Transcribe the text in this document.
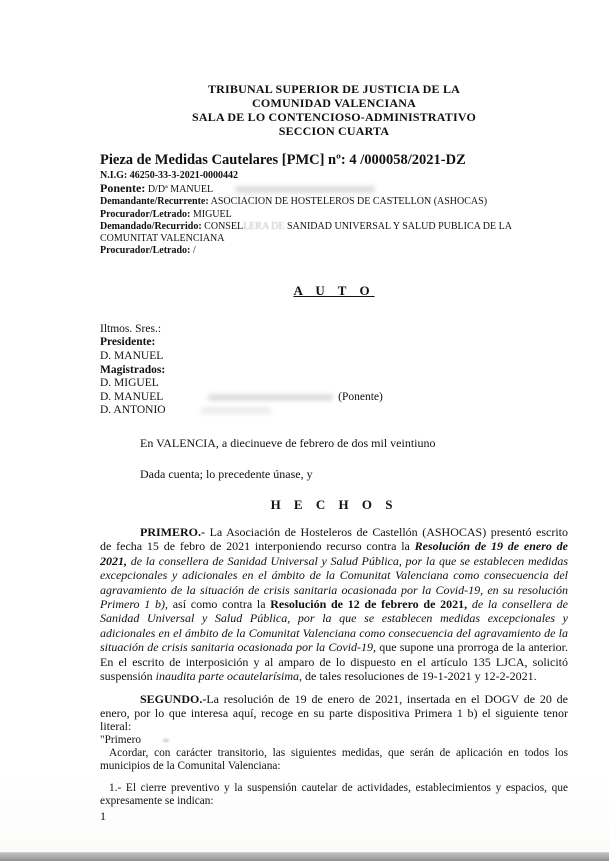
TRIBUNAL SUPERIOR DE JUSTICIA DE LA
COMUNIDAD VALENCIANA
SALA DE LO CONTENCIOSO-ADMINISTRATIVO
SECCION CUARTA
Pieza de Medidas Cautelares [PMC] nº: 4 /000058/2021-DZ
N.I.G: 46250-33-3-2021-0000442
Ponente: D/Dª MANUEL
Demandante/Recurrente: ASOCIACION DE HOSTELEROS DE CASTELLON (ASHOCAS)
Procurador/Letrado: MIGUEL
Demandado/Recurrido: CONSELLERA DE SANIDAD UNIVERSAL Y SALUD PUBLICA DE LA COMUNITAT VALENCIANA
Procurador/Letrado: /
A U T O
Iltmos. Sres.:
Presidente:
D. MANUEL
Magistrados:
D. MIGUEL
D. MANUEL	(Ponente)
D. ANTONIO
En VALENCIA, a diecinueve de febrero de dos mil veintiuno
Dada cuenta; lo precedente únase, y
H E C H O S

PRIMERO.- La Asociación de Hosteleros de Castellón (ASHOCAS) presentó escrito de fecha 15 de febro de 2021 interponiendo recurso contra la Resolución de 19 de enero de 2021, de la consellera de Sanidad Universal y Salud Pública, por la que se establecen medidas excepcionales y adicionales en el ámbito de la Comunitat Valenciana como consecuencia del agravamiento de la situación de crisis sanitaria ocasionada por la Covid-19, en su resolución Primero 1 b), así como contra la Resolución de 12 de febrero de 2021, de la consellera de Sanidad Universal y Salud Pública, por la que se establecen medidas excepcionales y adicionales en el ámbito de la Comunitat Valenciana como consecuencia del agravamiento de la situación de crisis sanitaria ocasionada por la Covid-19, que supone una prorroga de la anterior. En el escrito de interposición y al amparo de lo dispuesto en el artículo 135 LJCA, solicitó suspensión inaudita parte ocautelarísima, de tales resoluciones de 19-1-2021 y 12-2-2021.

SEGUNDO.-La resolución de 19 de enero de 2021, insertada en el DOGV de 20 de enero, por lo que interesa aquí, recoge en su parte dispositiva Primera 1 b) el siguiente tenor literal:

"Primero
Acordar, con carácter transitorio, las siguientes medidas, que serán de aplicación en todos los municipios de la Comunital Valenciana:
1.- El cierre preventivo y la suspensión cautelar de actividades, establecimientos y espacios, que expresamente se indican:
1
